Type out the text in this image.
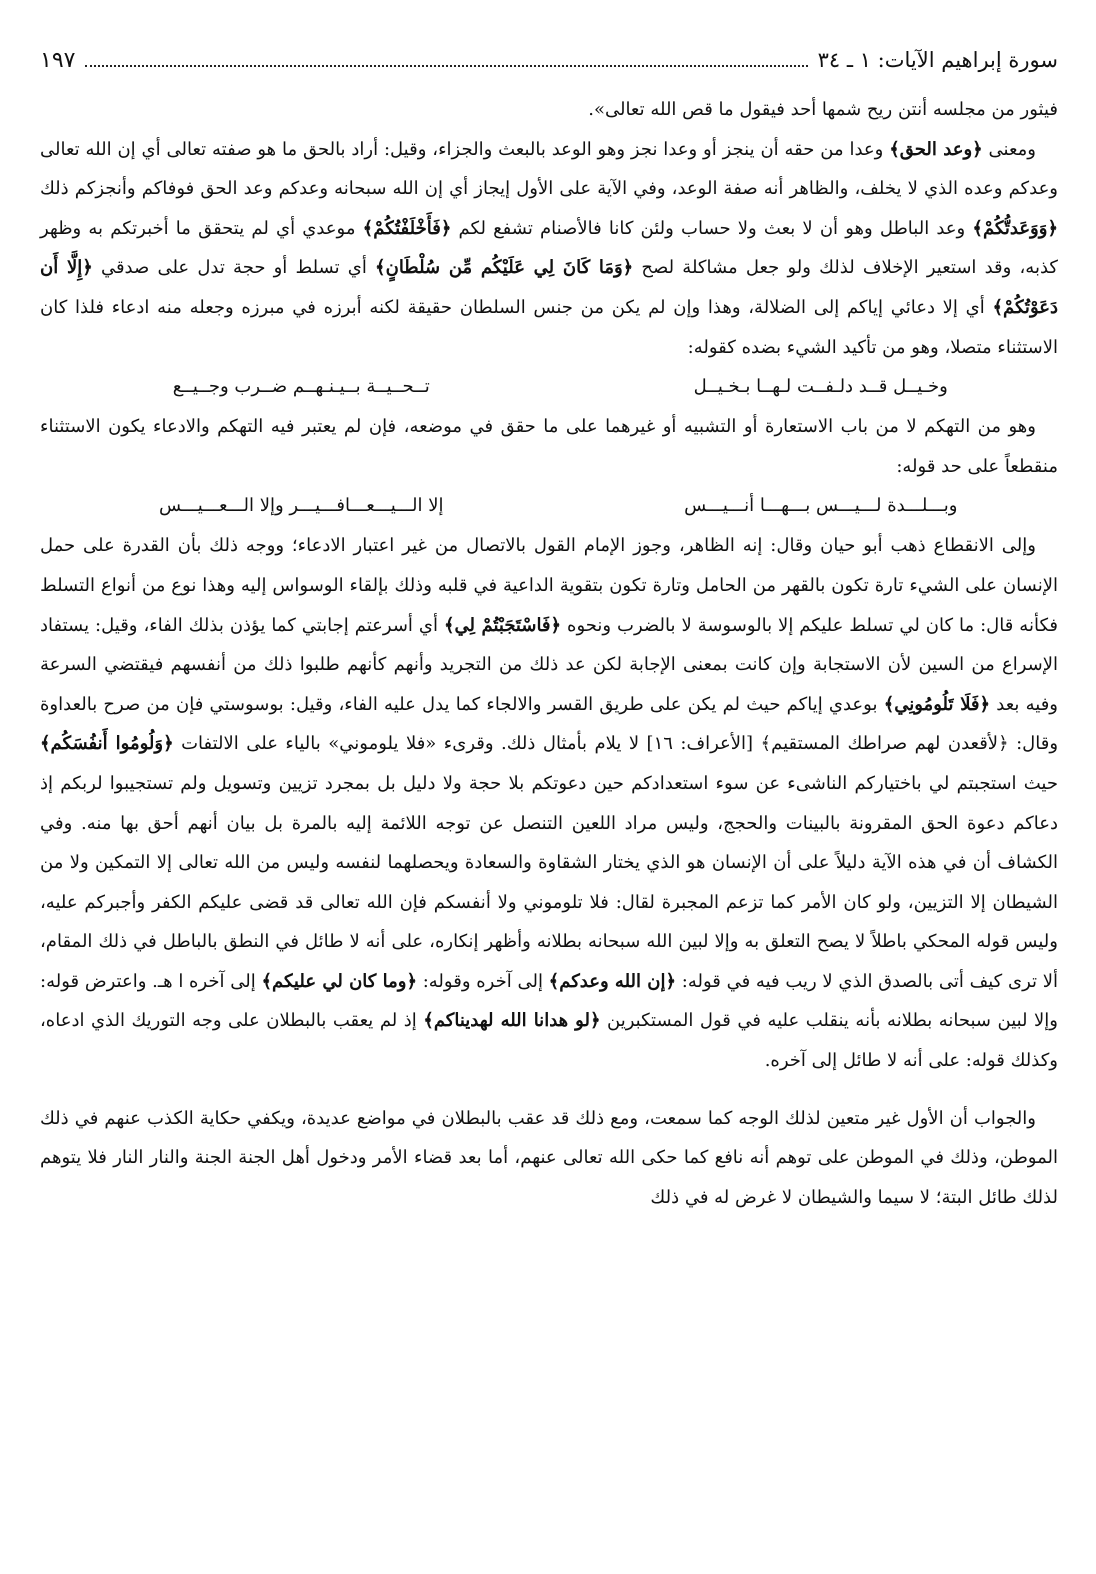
سورة إبراهيم الآيات: ١ ـ ٣٤
١٩٧

فيثور من مجلسه أنتن ريح شمها أحد فيقول ما قص الله تعالى».

ومعنى ﴿وعد الحق﴾ وعدا من حقه أن ينجز أو وعدا نجز وهو الوعد بالبعث والجزاء، وقيل: أراد بالحق ما هو صفته تعالى أي إن الله تعالى وعدكم وعده الذي لا يخلف، والظاهر أنه صفة الوعد، وفي الآية على الأول إيجاز أي إن الله سبحانه وعدكم وعد الحق فوفاكم وأنجزكم ذلك ﴿وَوَعَدتُّكُمْ﴾ وعد الباطل وهو أن لا بعث ولا حساب ولئن كانا فالأصنام تشفع لكم ﴿فَأَخْلَفْتُكُمْ﴾ موعدي أي لم يتحقق ما أخبرتكم به وظهر كذبه، وقد استعير الإخلاف لذلك ولو جعل مشاكلة لصح ﴿وَمَا كَانَ لِي عَلَيْكُم مِّن سُلْطَانٍ﴾ أي تسلط أو حجة تدل على صدقي ﴿إِلَّا أَن دَعَوْتُكُمْ﴾ أي إلا دعائي إياكم إلى الضلالة، وهذا وإن لم يكن من جنس السلطان حقيقة لكنه أبرزه في مبرزه وجعله منه ادعاء فلذا كان الاستثناء متصلا، وهو من تأكيد الشيء بضده كقوله:

وخـيــل قــد دلـفــت لـهــا بـخـيــل
تــحــيــة بــيـنـهــم ضــرب وجــيــع

وهو من التهكم لا من باب الاستعارة أو التشبيه أو غيرهما على ما حقق في موضعه، فإن لم يعتبر فيه التهكم والادعاء يكون الاستثناء منقطعاً على حد قوله:

وبـــلـــدة لـــيـــس بـــهـــا أنـــيـــس
إلا الـــيـــعـــافـــيـــر وإلا الـــعـــيـــس

وإلى الانقطاع ذهب أبو حيان وقال: إنه الظاهر، وجوز الإمام القول بالاتصال من غير اعتبار الادعاء؛ ووجه ذلك بأن القدرة على حمل الإنسان على الشيء تارة تكون بالقهر من الحامل وتارة تكون بتقوية الداعية في قلبه وذلك بإلقاء الوسواس إليه وهذا نوع من أنواع التسلط فكأنه قال: ما كان لي تسلط عليكم إلا بالوسوسة لا بالضرب ونحوه ﴿فَاسْتَجَبْتُمْ لِي﴾ أي أسرعتم إجابتي كما يؤذن بذلك الفاء، وقيل: يستفاد الإسراع من السين لأن الاستجابة وإن كانت بمعنى الإجابة لكن عد ذلك من التجريد وأنهم كأنهم طلبوا ذلك من أنفسهم فيقتضي السرعة وفيه بعد ﴿فَلَا تَلُومُونِي﴾ بوعدي إياكم حيث لم يكن على طريق القسر والالجاء كما يدل عليه الفاء، وقيل: بوسوستي فإن من صرح بالعداوة وقال: ﴿لأقعدن لهم صراطك المستقيم﴾ [الأعراف: ١٦] لا يلام بأمثال ذلك. وقرىء «فلا يلوموني» بالياء على الالتفات ﴿وَلُومُوا أَنفُسَكُم﴾ حيث استجبتم لي باختياركم الناشىء عن سوء استعدادكم حين دعوتكم بلا حجة ولا دليل بل بمجرد تزيين وتسويل ولم تستجيبوا لربكم إذ دعاكم دعوة الحق المقرونة بالبينات والحجج، وليس مراد اللعين التنصل عن توجه اللائمة إليه بالمرة بل بيان أنهم أحق بها منه. وفي الكشاف أن في هذه الآية دليلاً على أن الإنسان هو الذي يختار الشقاوة والسعادة ويحصلهما لنفسه وليس من الله تعالى إلا التمكين ولا من الشيطان إلا التزيين، ولو كان الأمر كما تزعم المجبرة لقال: فلا تلوموني ولا أنفسكم فإن الله تعالى قد قضى عليكم الكفر وأجبركم عليه، وليس قوله المحكي باطلاً لا يصح التعلق به وإلا لبين الله سبحانه بطلانه وأظهر إنكاره، على أنه لا طائل في النطق بالباطل في ذلك المقام، ألا ترى كيف أتى بالصدق الذي لا ريب فيه في قوله: ﴿إن الله وعدكم﴾ إلى آخره وقوله: ﴿وما كان لي عليكم﴾ إلى آخره ا هـ. واعترض قوله: وإلا لبين سبحانه بطلانه بأنه ينقلب عليه في قول المستكبرين ﴿لو هدانا الله لهديناكم﴾ إذ لم يعقب بالبطلان على وجه التوريك الذي ادعاه، وكذلك قوله: على أنه لا طائل إلى آخره.

والجواب أن الأول غير متعين لذلك الوجه كما سمعت، ومع ذلك قد عقب بالبطلان في مواضع عديدة، ويكفي حكاية الكذب عنهم في ذلك الموطن، وذلك في الموطن على توهم أنه نافع كما حكى الله تعالى عنهم، أما بعد قضاء الأمر ودخول أهل الجنة الجنة والنار النار فلا يتوهم لذلك طائل البتة؛ لا سيما والشيطان لا غرض له في ذلك
